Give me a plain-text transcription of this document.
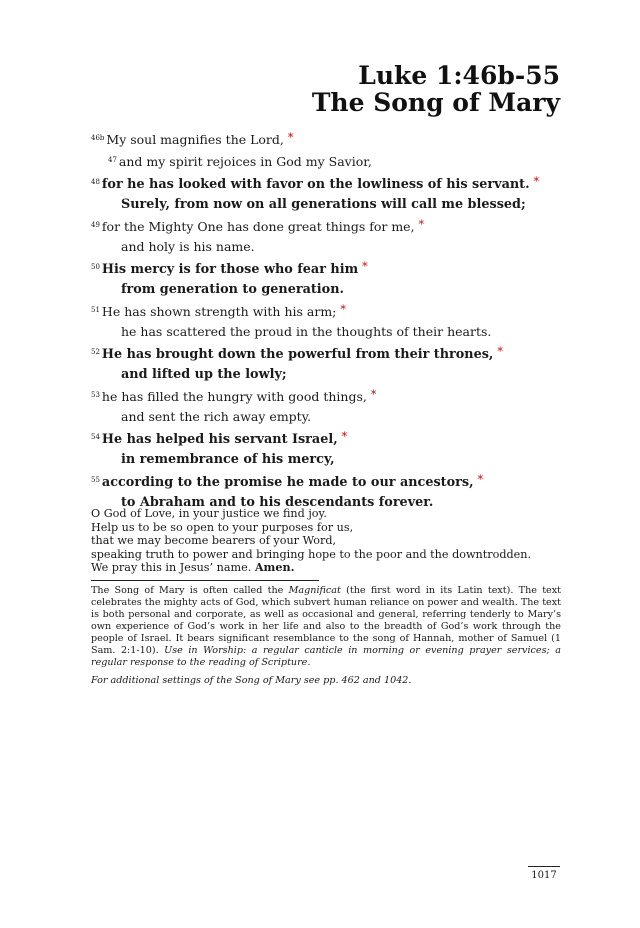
Luke 1:46b-55
The Song of Mary
$^{46b}$ My soul magnifies the Lord, *
$^{47}$ and my spirit rejoices in God my Savior,
$^{48}$ for he has looked with favor on the lowliness of his servant. *
Surely, from now on all generations will call me blessed;
$^{49}$ for the Mighty One has done great things for me, *
and holy is his name.
$^{50}$ His mercy is for those who fear him *
from generation to generation.
$^{51}$ He has shown strength with his arm; *
he has scattered the proud in the thoughts of their hearts.
$^{52}$ He has brought down the powerful from their thrones, *
and lifted up the lowly;
$^{53}$ he has filled the hungry with good things, *
and sent the rich away empty.
$^{54}$ He has helped his servant Israel, *
in remembrance of his mercy,
$^{55}$ according to the promise he made to our ancestors, *
to Abraham and to his descendants forever.
O God of Love, in your justice we find joy.
Help us to be so open to your purposes for us,
that we may become bearers of your Word,
speaking truth to power and bringing hope to the poor and the downtrodden.
We pray this in Jesus’ name. Amen.

The Song of Mary is often called the Magnificat (the first word in its Latin text). The text celebrates the mighty acts of God, which subvert human reliance on power and wealth. The text is both personal and corporate, as well as occasional and general, referring tenderly to Mary’s own experience of God’s work in her life and also to the breadth of God’s work through the people of Israel. It bears significant resemblance to the song of Hannah, mother of Samuel (1 Sam. 2:1-10). Use in Worship: a regular canticle in morning or evening prayer services; a regular response to the reading of Scripture.

For additional settings of the Song of Mary see pp. 462 and 1042.

1017
